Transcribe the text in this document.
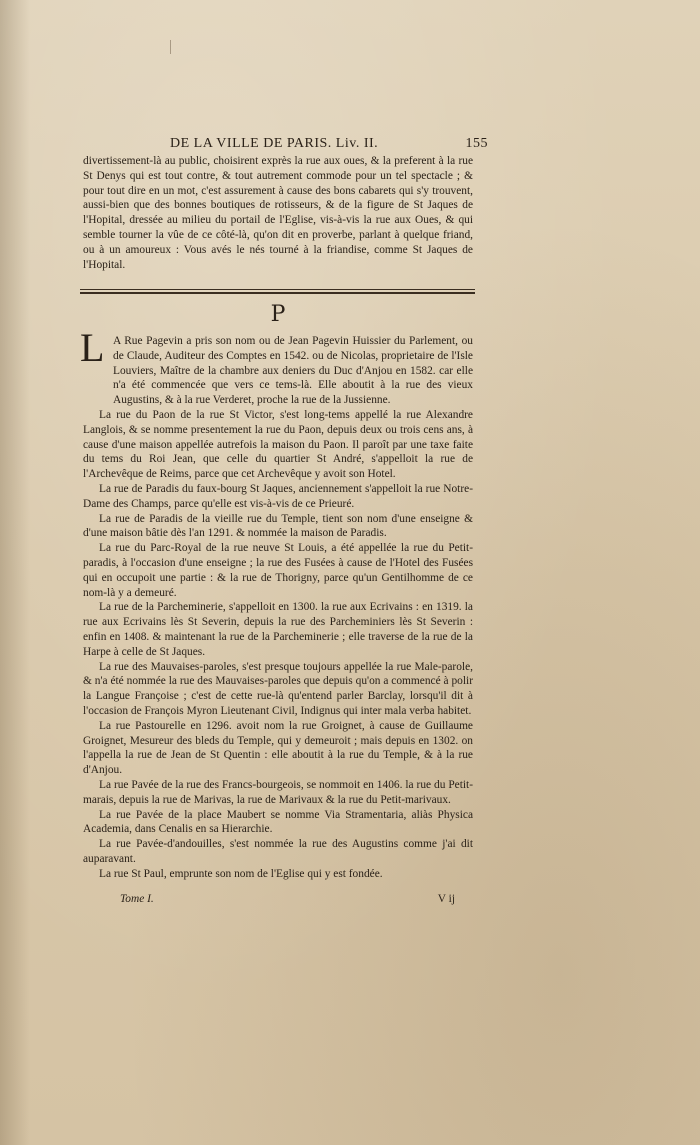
DE LA VILLE DE PARIS. Liv. II.	155
divertissement-là au public, choisirent exprès la rue aux oues, & la preferent à la rue St Denys qui est tout contre, & tout autrement commode pour un tel spectacle ; & pour tout dire en un mot, c'est assurement à cause des bons cabarets qui s'y trouvent, aussi-bien que des bonnes boutiques de rotisseurs, & de la figure de St Jaques de l'Hopital, dressée au milieu du portail de l'Eglise, vis-à-vis la rue aux Oues, & qui semble tourner la vûe de ce côté-là, qu'on dit en proverbe, parlant à quelque friand, ou à un amoureux : Vous avés le nés tourné à la friandise, comme St Jaques de l'Hopital.
P
L A Rue Pagevin a pris son nom ou de Jean Pagevin Huissier du Parlement, ou de Claude, Auditeur des Comptes en 1542. ou de Nicolas, proprietaire de l'Isle Louviers, Maître de la chambre aux deniers du Duc d'Anjou en 1582. car elle n'a été commencée que vers ce tems-là. Elle aboutit à la rue des vieux Augustins, & à la rue Verderet, proche la rue de la Jussienne.

La rue du Paon de la rue St Victor, s'est long-tems appellé la rue Alexandre Langlois, & se nomme presentement la rue du Paon, depuis deux ou trois cens ans, à cause d'une maison appellée autrefois la maison du Paon. Il paroît par une taxe faite du tems du Roi Jean, que celle du quartier St André, s'appelloit la rue de l'Archevêque de Reims, parce que cet Archevêque y avoit son Hotel.

La rue de Paradis du faux-bourg St Jaques, anciennement s'appelloit la rue Notre-Dame des Champs, parce qu'elle est vis-à-vis de ce Prieuré.

La rue de Paradis de la vieille rue du Temple, tient son nom d'une enseigne & d'une maison bâtie dès l'an 1291. & nommée la maison de Paradis.

La rue du Parc-Royal de la rue neuve St Louis, a été appellée la rue du Petit-paradis, à l'occasion d'une enseigne ; la rue des Fusées à cause de l'Hotel des Fusées qui en occupoit une partie : & la rue de Thorigny, parce qu'un Gentilhomme de ce nom-là y a demeuré.

La rue de la Parcheminerie, s'appelloit en 1300. la rue aux Ecrivains : en 1319. la rue aux Ecrivains lès St Severin, depuis la rue des Parcheminiers lès St Severin : enfin en 1408. & maintenant la rue de la Parcheminerie ; elle traverse de la rue de la Harpe à celle de St Jaques.

La rue des Mauvaises-paroles, s'est presque toujours appellée la rue Male-parole, & n'a été nommée la rue des Mauvaises-paroles que depuis qu'on a commencé à polir la Langue Françoise ; c'est de cette rue-là qu'entend parler Barclay, lorsqu'il dit à l'occasion de François Myron Lieutenant Civil, Indignus qui inter mala verba habitet.

La rue Pastourelle en 1296. avoit nom la rue Groignet, à cause de Guillaume Groignet, Mesureur des bleds du Temple, qui y demeuroit ; mais depuis en 1302. on l'appella la rue de Jean de St Quentin : elle aboutit à la rue du Temple, & à la rue d'Anjou.

La rue Pavée de la rue des Francs-bourgeois, se nommoit en 1406. la rue du Petit-marais, depuis la rue de Marivas, la rue de Marivaux & la rue du Petit-marivaux.

La rue Pavée de la place Maubert se nomme Via Stramentaria, aliàs Physica Academia, dans Cenalis en sa Hierarchie.

La rue Pavée-d'andouilles, s'est nommée la rue des Augustins comme j'ai dit auparavant.

La rue St Paul, emprunte son nom de l'Eglise qui y est fondée.

Tome I.	V ij
